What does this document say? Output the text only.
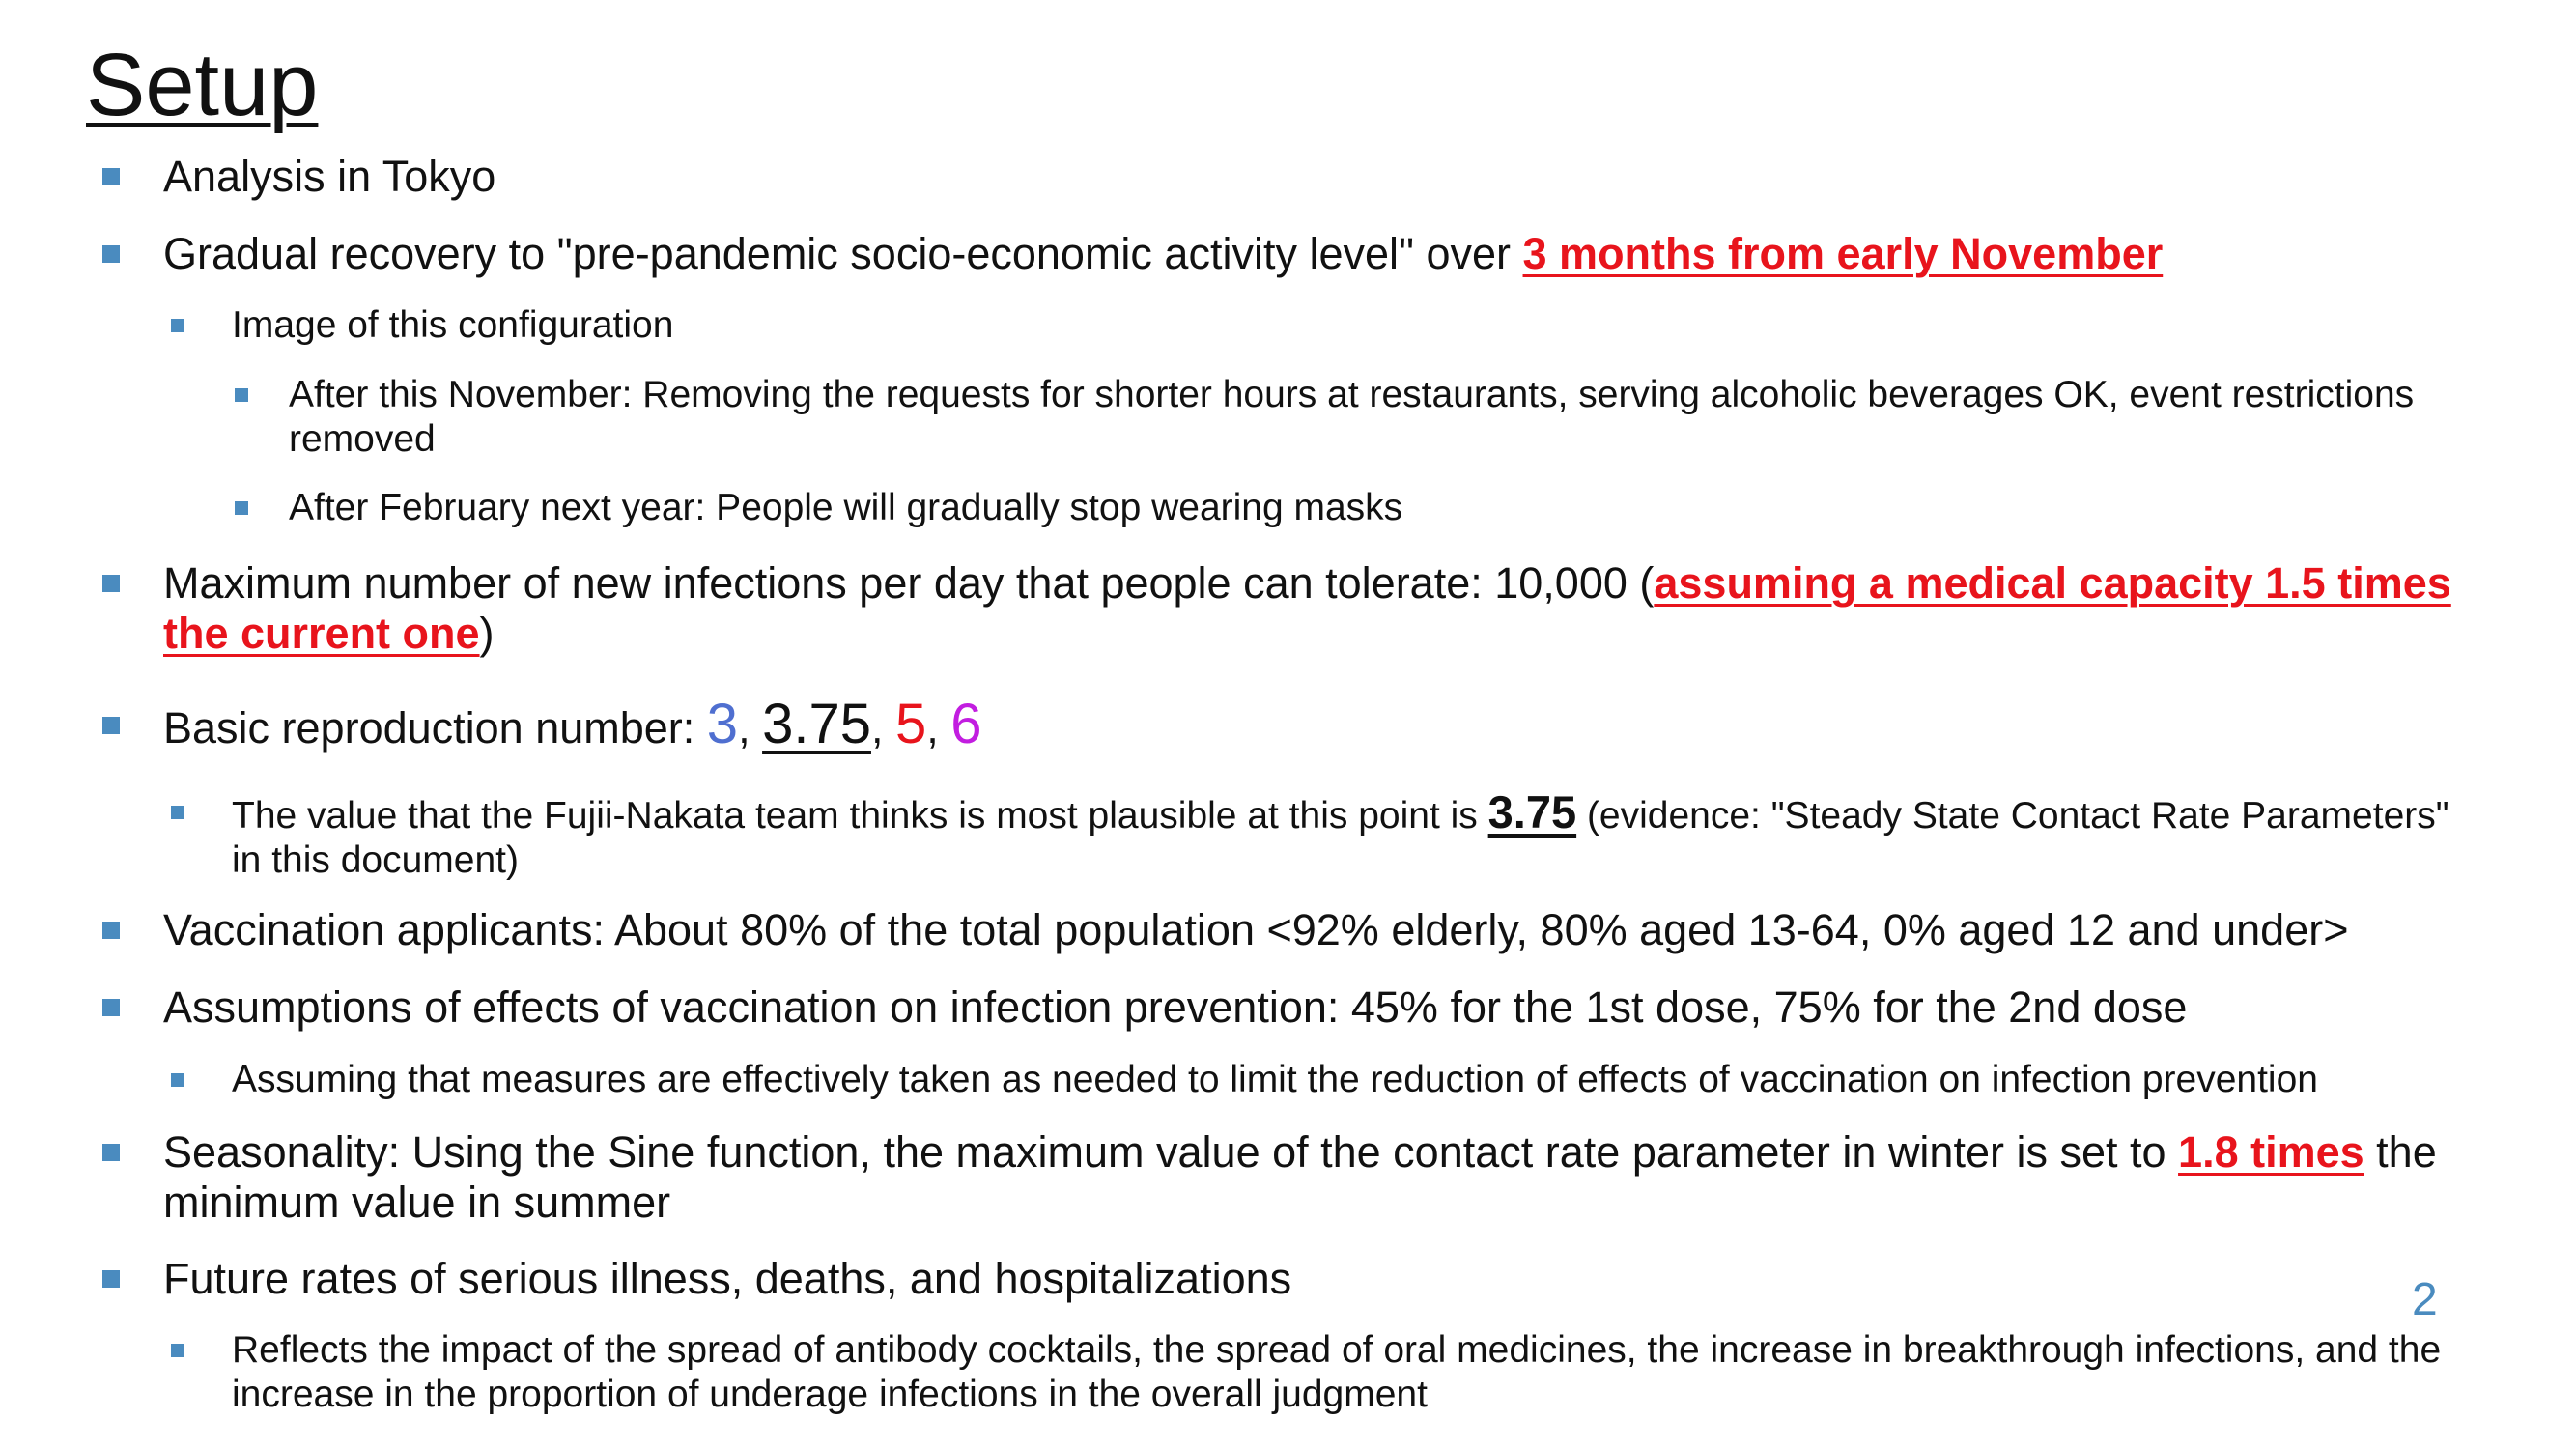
Setup
Analysis in Tokyo
Gradual recovery to "pre-pandemic socio-economic activity level" over 3 months from early November
Image of this configuration
After this November: Removing the requests for shorter hours at restaurants, serving alcoholic beverages OK, event restrictions removed
After February next year: People will gradually stop wearing masks
Maximum number of new infections per day that people can tolerate: 10,000 (assuming a medical capacity 1.5 times the current one)
Basic reproduction number: 3, 3.75, 5, 6
The value that the Fujii-Nakata team thinks is most plausible at this point is 3.75 (evidence: "Steady State Contact Rate Parameters" in this document)
Vaccination applicants: About 80% of the total population <92% elderly, 80% aged 13-64, 0% aged 12 and under>
Assumptions of effects of vaccination on infection prevention: 45% for the 1st dose, 75% for the 2nd dose
Assuming that measures are effectively taken as needed to limit the reduction of effects of vaccination on infection prevention
Seasonality: Using the Sine function, the maximum value of the contact rate parameter in winter is set to 1.8 times the minimum value in summer
Future rates of serious illness, deaths, and hospitalizations
Reflects the impact of the spread of antibody cocktails, the spread of oral medicines, the increase in breakthrough infections, and the increase in the proportion of underage infections in the overall judgment
2
